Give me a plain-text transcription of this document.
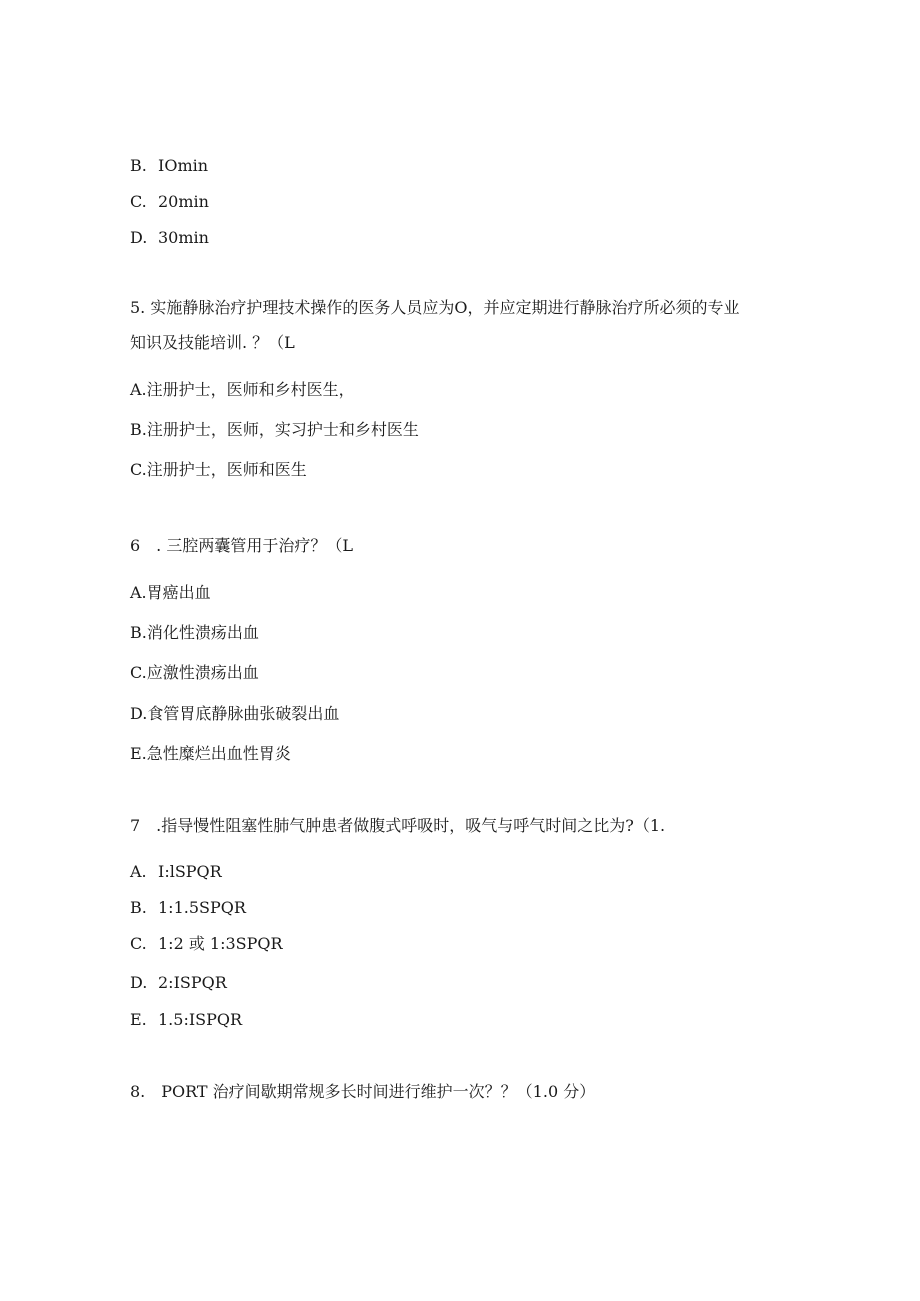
B. IOmin
C. 20min
D. 30min
5. 实施静脉治疗护理技术操作的医务人员应为O，并应定期进行静脉治疗所必须的专业
知识及技能培训. ？（L
A.注册护士，医师和乡村医生，
B.注册护士，医师，实习护士和乡村医生
C.注册护士，医师和医生
6　. 三腔两囊管用于治疗？（L
A.胃癌出血
B.消化性溃疡出血
C.应激性溃疡出血
D.食管胃底静脉曲张破裂出血
E.急性糜烂出血性胃炎
7　.指导慢性阻塞性肺气肿患者做腹式呼吸时，吸气与呼气时间之比为?（1.
A. I:lSPQR
B. 1:1.5SPQR
C. 1:2 或 1:3SPQR
D. 2:ISPQR
E. 1.5:ISPQR
8.　PORT 治疗间歇期常规多长时间进行维护一次？？（1.0 分）
